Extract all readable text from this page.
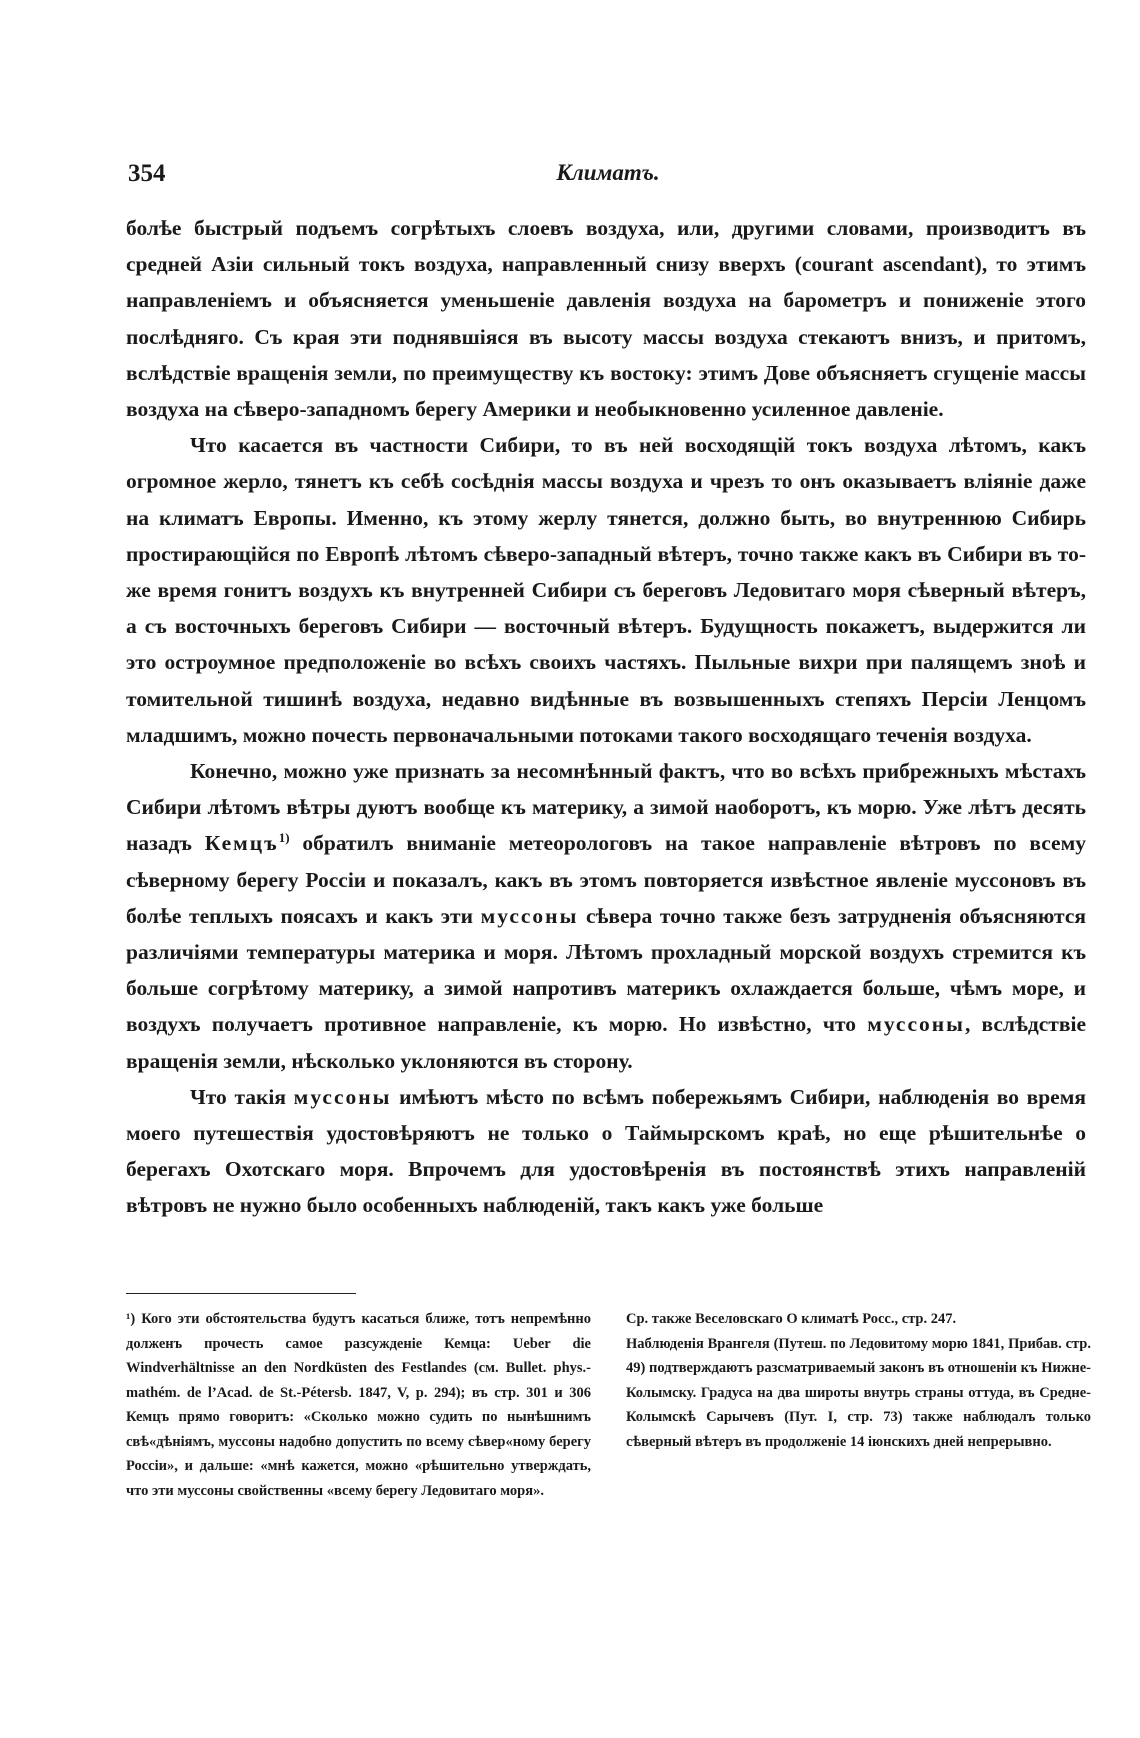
354	Климатъ.

болѣе быстрый подъемъ согрѣтыхъ слоевъ воздуха, или, другими словами, производитъ въ средней Азіи сильный токъ воздуха, направленный снизу вверхъ (courant ascendant), то этимъ направленіемъ и объясняется уменьшеніе давленія воздуха на барометръ и пониженіе этого послѣдняго. Съ края эти поднявшіяся въ высоту массы воздуха стекаютъ внизъ, и притомъ, вслѣдствіе вращенія земли, по преимуществу къ востоку: этимъ Дове объясняетъ сгущеніе массы воздуха на сѣверо-западномъ берегу Америки и необыкновенно усиленное давленіе.

Что касается въ частности Сибири, то въ ней восходящій токъ воздуха лѣтомъ, какъ огромное жерло, тянетъ къ себѣ сосѣднія массы воздуха и чрезъ то онъ оказываетъ вліяніе даже на климатъ Европы. Именно, къ этому жерлу тянется, должно быть, во внутреннюю Сибирь простирающійся по Европѣ лѣтомъ сѣверо-западный вѣтеръ, точно также какъ въ Сибири въ то-же время гонитъ воздухъ къ внутренней Сибири съ береговъ Ледовитаго моря сѣверный вѣтеръ, а съ восточныхъ береговъ Сибири — восточный вѣтеръ. Будущность покажетъ, выдержится ли это остроумное предположеніе во всѣхъ своихъ частяхъ. Пыльные вихри при палящемъ знoѣ и томительной тишинѣ воздуха, недавно видѣнные въ возвышенныхъ степяхъ Персіи Ленцомъ младшимъ, можно почесть первоначальными потоками такого восходящаго теченія воздуха.

Конечно, можно уже признать за несомнѣнный фактъ, что во всѣхъ прибрежныхъ мѣстахъ Сибири лѣтомъ вѣтры дуютъ вообще къ материку, а зимой наоборотъ, къ морю. Уже лѣтъ десять назадъ Кемцъ$^{1)}$ обратилъ вниманіе метеорологовъ на такое направленіе вѣтровъ по всему сѣверному берегу Россіи и показалъ, какъ въ этомъ повторяется извѣстное явленіе муссоновъ въ болѣе теплыхъ поясахъ и какъ эти муссоны сѣвера точно также безъ затрудненія объясняются различіями температуры материка и моря. Лѣтомъ прохладный морской воздухъ стремится къ больше согрѣтому материку, а зимой напротивъ материкъ охлаждается больше, чѣмъ море, и воздухъ получаетъ противное направленіе, къ морю. Но извѣстно, что муссоны, вслѣдствіе вращенія земли, нѣсколько уклоняются въ сторону.

Что такія муссоны имѣютъ мѣсто по всѣмъ побережьямъ Сибири, наблюденія во время моего путешествія удостовѣряютъ не только о Таймырскомъ краѣ, но еще рѣшительнѣе о берегахъ Охотскаго моря. Впрочемъ для удостовѣренія въ постоянствѣ этихъ направленій вѣтровъ не нужно было особенныхъ наблюденій, такъ какъ уже больше

¹) Кого эти обстоятельства будутъ касаться ближе, тотъ непремѣнно долженъ прочесть самое разсужденіе Кемца: Ueber die Windverhältnisse an den Nordküsten des Festlandes (см. Bullet. phys.-mathém. de l’Acad. de St.-Pétersb. 1847, V, p. 294); въ стр. 301 и 306 Кемцъ прямо говоритъ: «Сколько можно судить по нынѣшнимъ свѣ«дѣніямъ, муссоны надобно допустить по всему сѣвер«ному берегу Россіи», и дальше: «мнѣ кажется, можно «рѣшительно утверждать, что эти муссоны свойственны «всему берегу Ледовитаго моря».

Ср. также Веселовскаго О климатѣ Росс., стр. 247.

Наблюденія Врангеля (Путеш. по Ледовитому морю 1841, Прибав. стр. 49) подтверждаютъ разсматриваемый законъ въ отношеніи къ Нижне-Колымску. Градуса на два широты внутрь страны оттуда, въ Средне-Колымскѣ Сарычевъ (Пут. I, стр. 73) также наблюдалъ только сѣверный вѣтеръ въ продолженіе 14 іюнскихъ дней непрерывно.
